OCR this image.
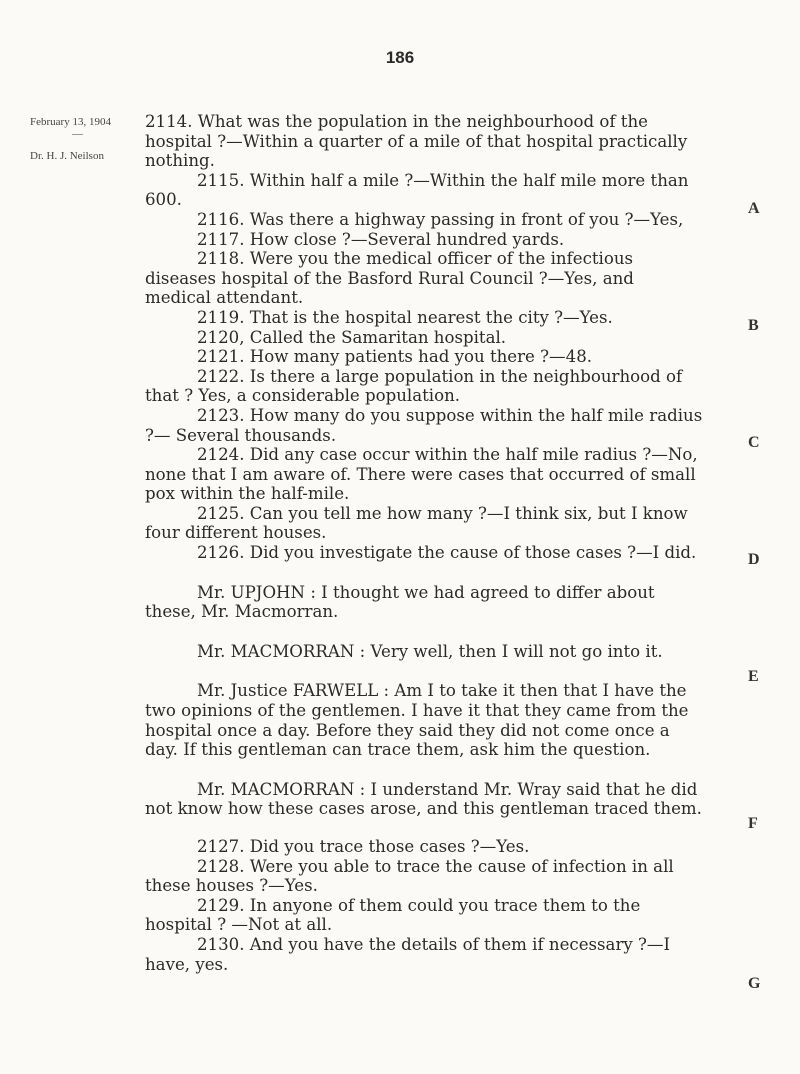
186
February 13, 1904
—
Dr. H. J. Neilson

2114. What was the population in the neighbourhood of the hospital ?—Within a quarter of a mile of that hospital practically nothing.

2115. Within half a mile ?—Within the half mile more than 600.

2116. Was there a highway passing in front of you ?—Yes,

2117. How close ?—Several hundred yards.

2118. Were you the medical officer of the infectious diseases hospital of the Basford Rural Council ?—Yes, and medical attendant.

2119. That is the hospital nearest the city ?—Yes.

2120, Called the Samaritan hospital.

2121. How many patients had you there ?—48.

2122. Is there a large population in the neighbourhood of that ? Yes, a considerable population.

2123. How many do you suppose within the half mile radius ?— Several thousands.

2124. Did any case occur within the half mile radius ?—No, none that I am aware of. There were cases that occurred of small pox within the half-mile.

2125. Can you tell me how many ?—I think six, but I know four different houses.

2126. Did you investigate the cause of those cases ?—I did.

Mr. UPJOHN : I thought we had agreed to differ about these, Mr. Macmorran.

Mr. MACMORRAN : Very well, then I will not go into it.

Mr. Justice FARWELL : Am I to take it then that I have the two opinions of the gentlemen. I have it that they came from the hospital once a day. Before they said they did not come once a day. If this gentleman can trace them, ask him the question.

Mr. MACMORRAN : I understand Mr. Wray said that he did not know how these cases arose, and this gentleman traced them.

2127. Did you trace those cases ?—Yes.

2128. Were you able to trace the cause of infection in all these houses ?—Yes.

2129. In anyone of them could you trace them to the hospital ? —Not at all.

2130. And you have the details of them if necessary ?—I have, yes.

A
B
C
D
E
F
G
